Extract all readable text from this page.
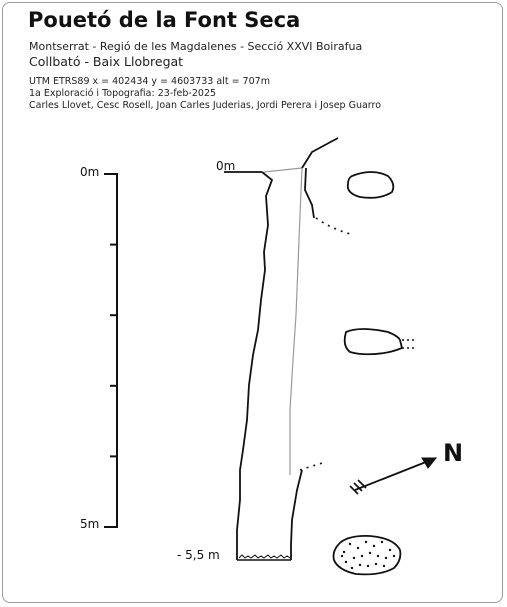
Pouetó de la Font Seca
Montserrat - Regió de les Magdalenes - Secció XXVI Boirafua
Collbató - Baix Llobregat
UTM ETRS89 x = 402434 y = 4603733 alt = 707m
1a Exploració i Topografia: 23-feb-2025
Carles Llovet, Cesc Rosell, Joan Carles Juderias, Jordi Perera i Josep Guarro
0m
5m
0m
- 5,5 m
N
